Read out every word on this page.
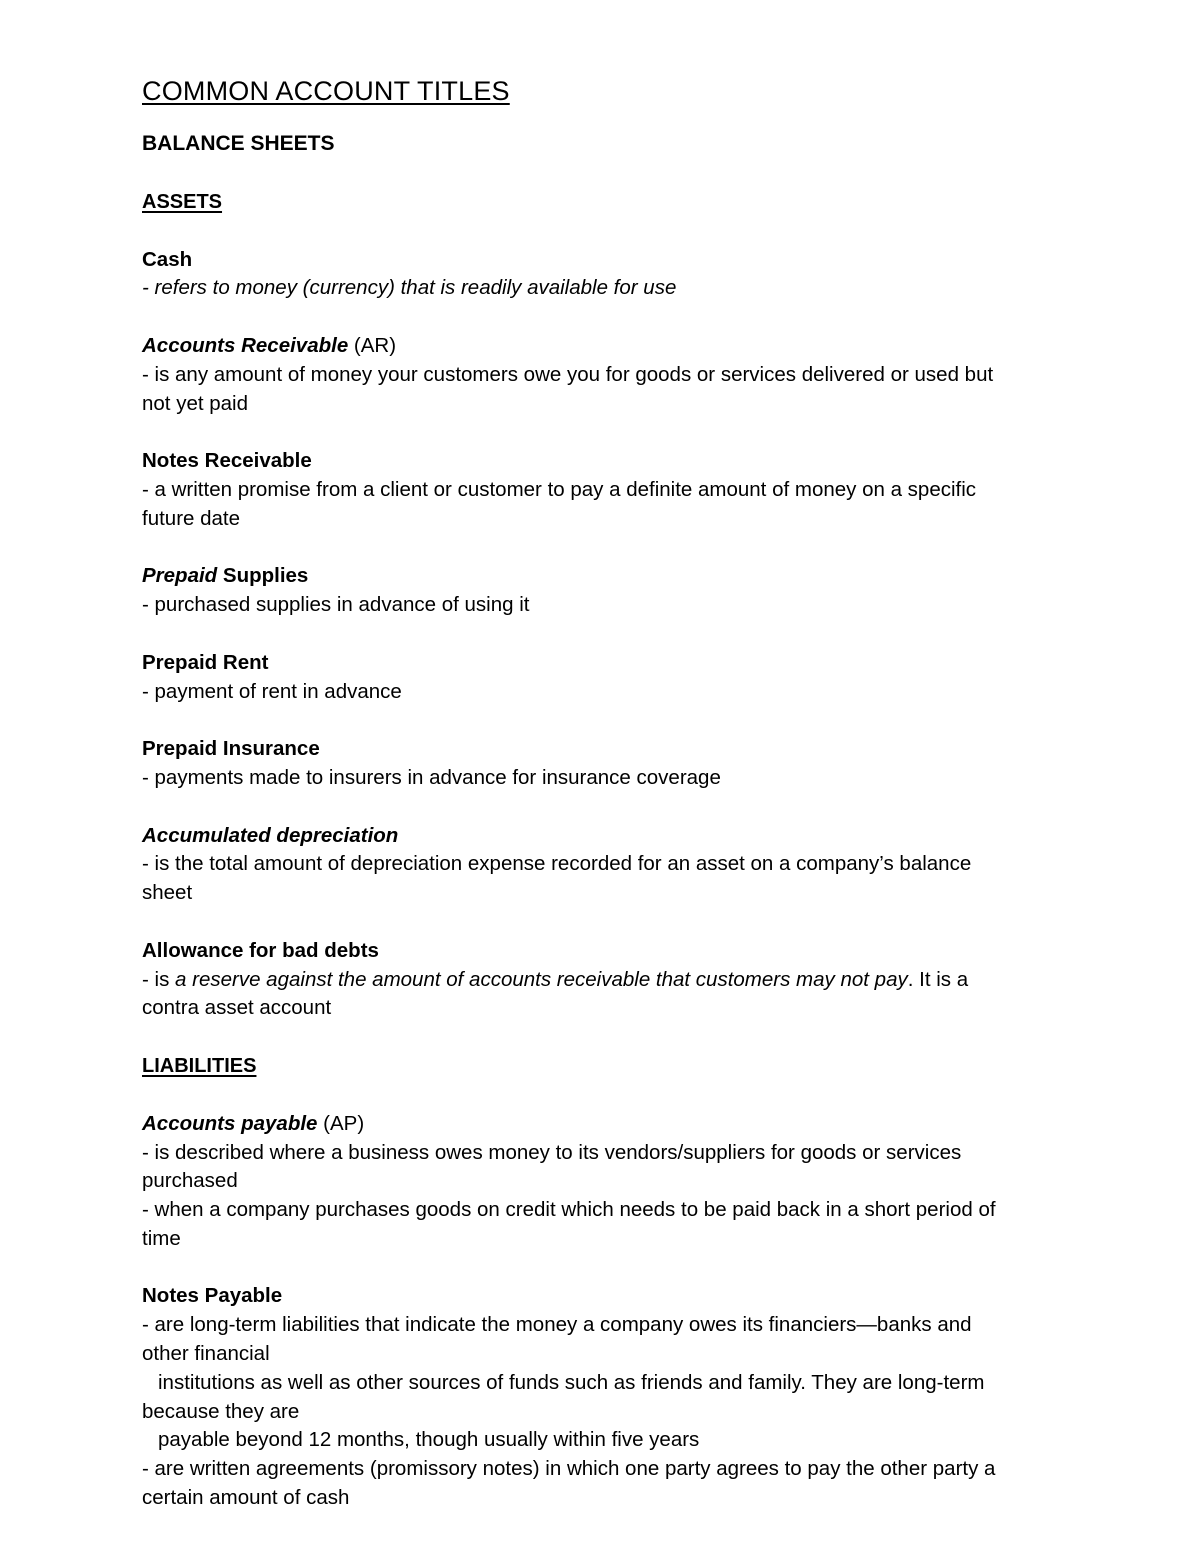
COMMON ACCOUNT TITLES
BALANCE SHEETS
ASSETS
Cash
- refers to money (currency) that is readily available for use
Accounts Receivable (AR)
- is any amount of money your customers owe you for goods or services delivered or used but
not yet paid
Notes Receivable
- a written promise from a client or customer to pay a definite amount of money on a specific
future date
Prepaid Supplies
- purchased supplies in advance of using it
Prepaid Rent
- payment of rent in advance
Prepaid Insurance
- payments made to insurers in advance for insurance coverage
Accumulated depreciation
- is the total amount of depreciation expense recorded for an asset on a company’s balance
sheet
Allowance for bad debts
- is a reserve against the amount of accounts receivable that customers may not pay. It is a
contra asset account
LIABILITIES
Accounts payable (AP)
- is described where a business owes money to its vendors/suppliers for goods or services
purchased
- when a company purchases goods on credit which needs to be paid back in a short period of
time
Notes Payable
- are long-term liabilities that indicate the money a company owes its financiers—banks and
other financial
institutions as well as other sources of funds such as friends and family. They are long-term
because they are
payable beyond 12 months, though usually within five years
- are written agreements (promissory notes) in which one party agrees to pay the other party a
certain amount of cash
